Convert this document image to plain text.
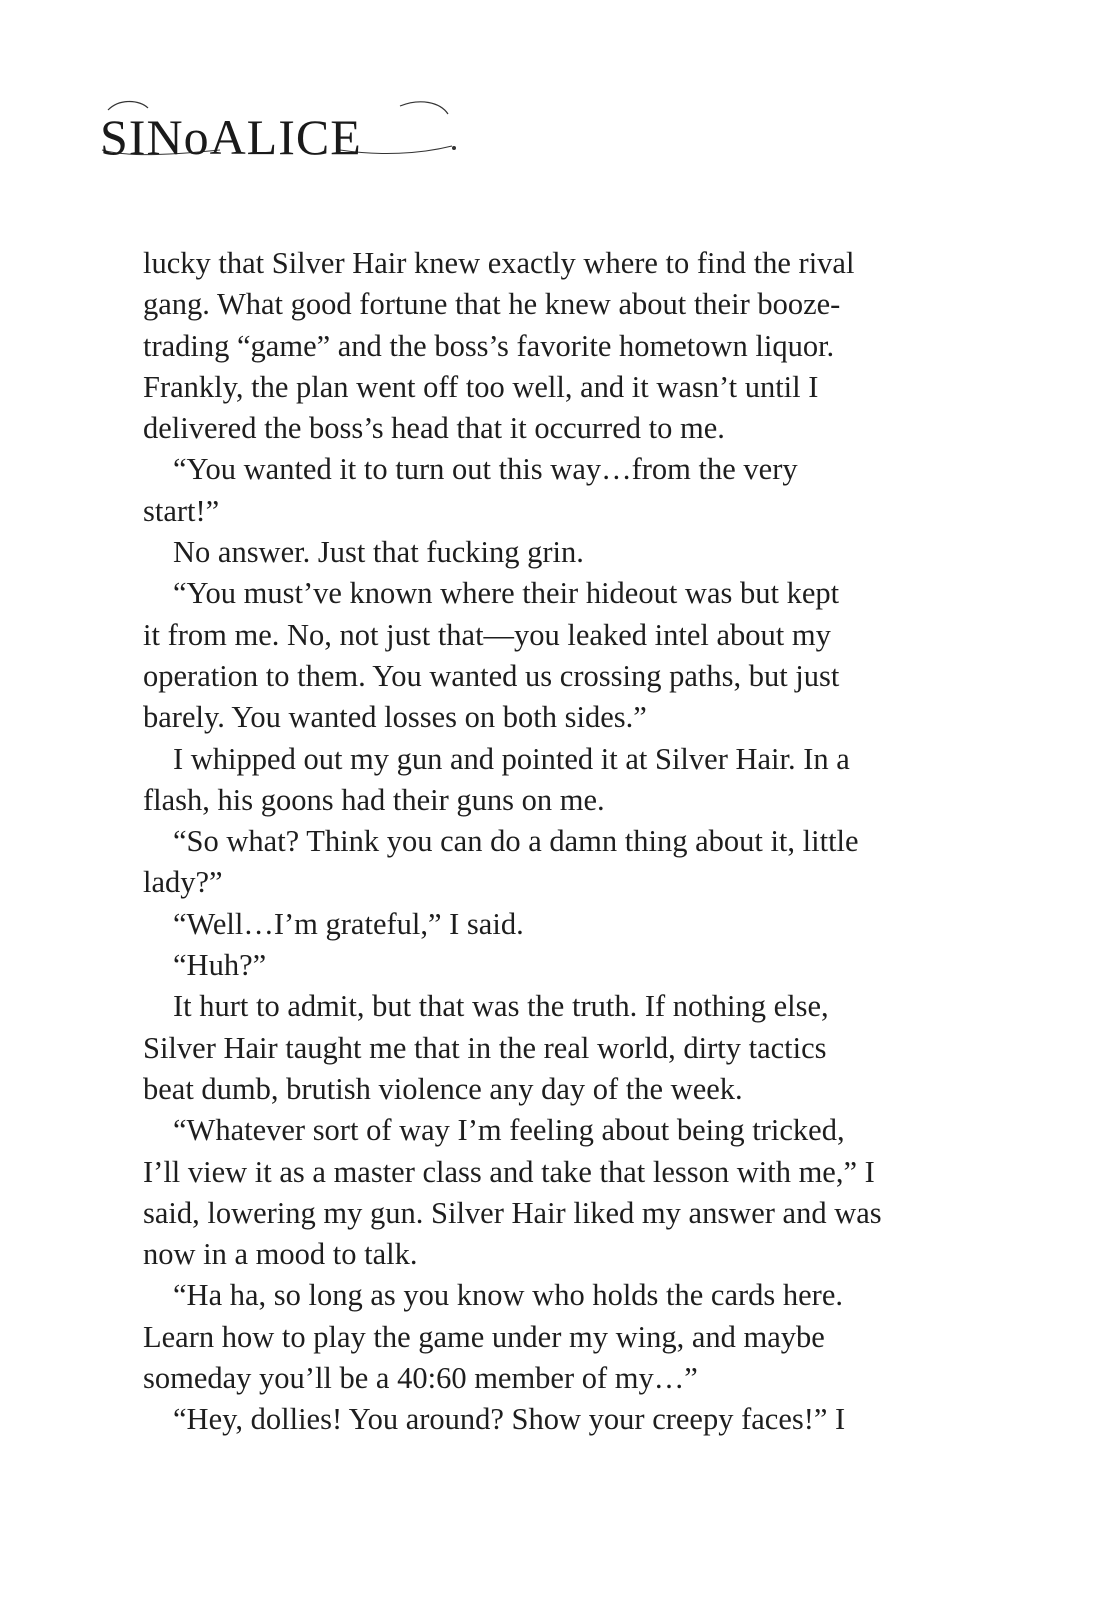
SINoALICE
lucky that Silver Hair knew exactly where to find the rival
gang. What good fortune that he knew about their booze-
trading “game” and the boss’s favorite hometown liquor.
Frankly, the plan went off too well, and it wasn’t until I
delivered the boss’s head that it occurred to me.
“You wanted it to turn out this way…from the very
start!”
No answer. Just that fucking grin.
“You must’ve known where their hideout was but kept
it from me. No, not just that—you leaked intel about my
operation to them. You wanted us crossing paths, but just
barely. You wanted losses on both sides.”
I whipped out my gun and pointed it at Silver Hair. In a
flash, his goons had their guns on me.
“So what? Think you can do a damn thing about it, little
lady?”
“Well…I’m grateful,” I said.
“Huh?”
It hurt to admit, but that was the truth. If nothing else,
Silver Hair taught me that in the real world, dirty tactics
beat dumb, brutish violence any day of the week.
“Whatever sort of way I’m feeling about being tricked,
I’ll view it as a master class and take that lesson with me,” I
said, lowering my gun. Silver Hair liked my answer and was
now in a mood to talk.
“Ha ha, so long as you know who holds the cards here.
Learn how to play the game under my wing, and maybe
someday you’ll be a 40:60 member of my…”
“Hey, dollies! You around? Show your creepy faces!” I
